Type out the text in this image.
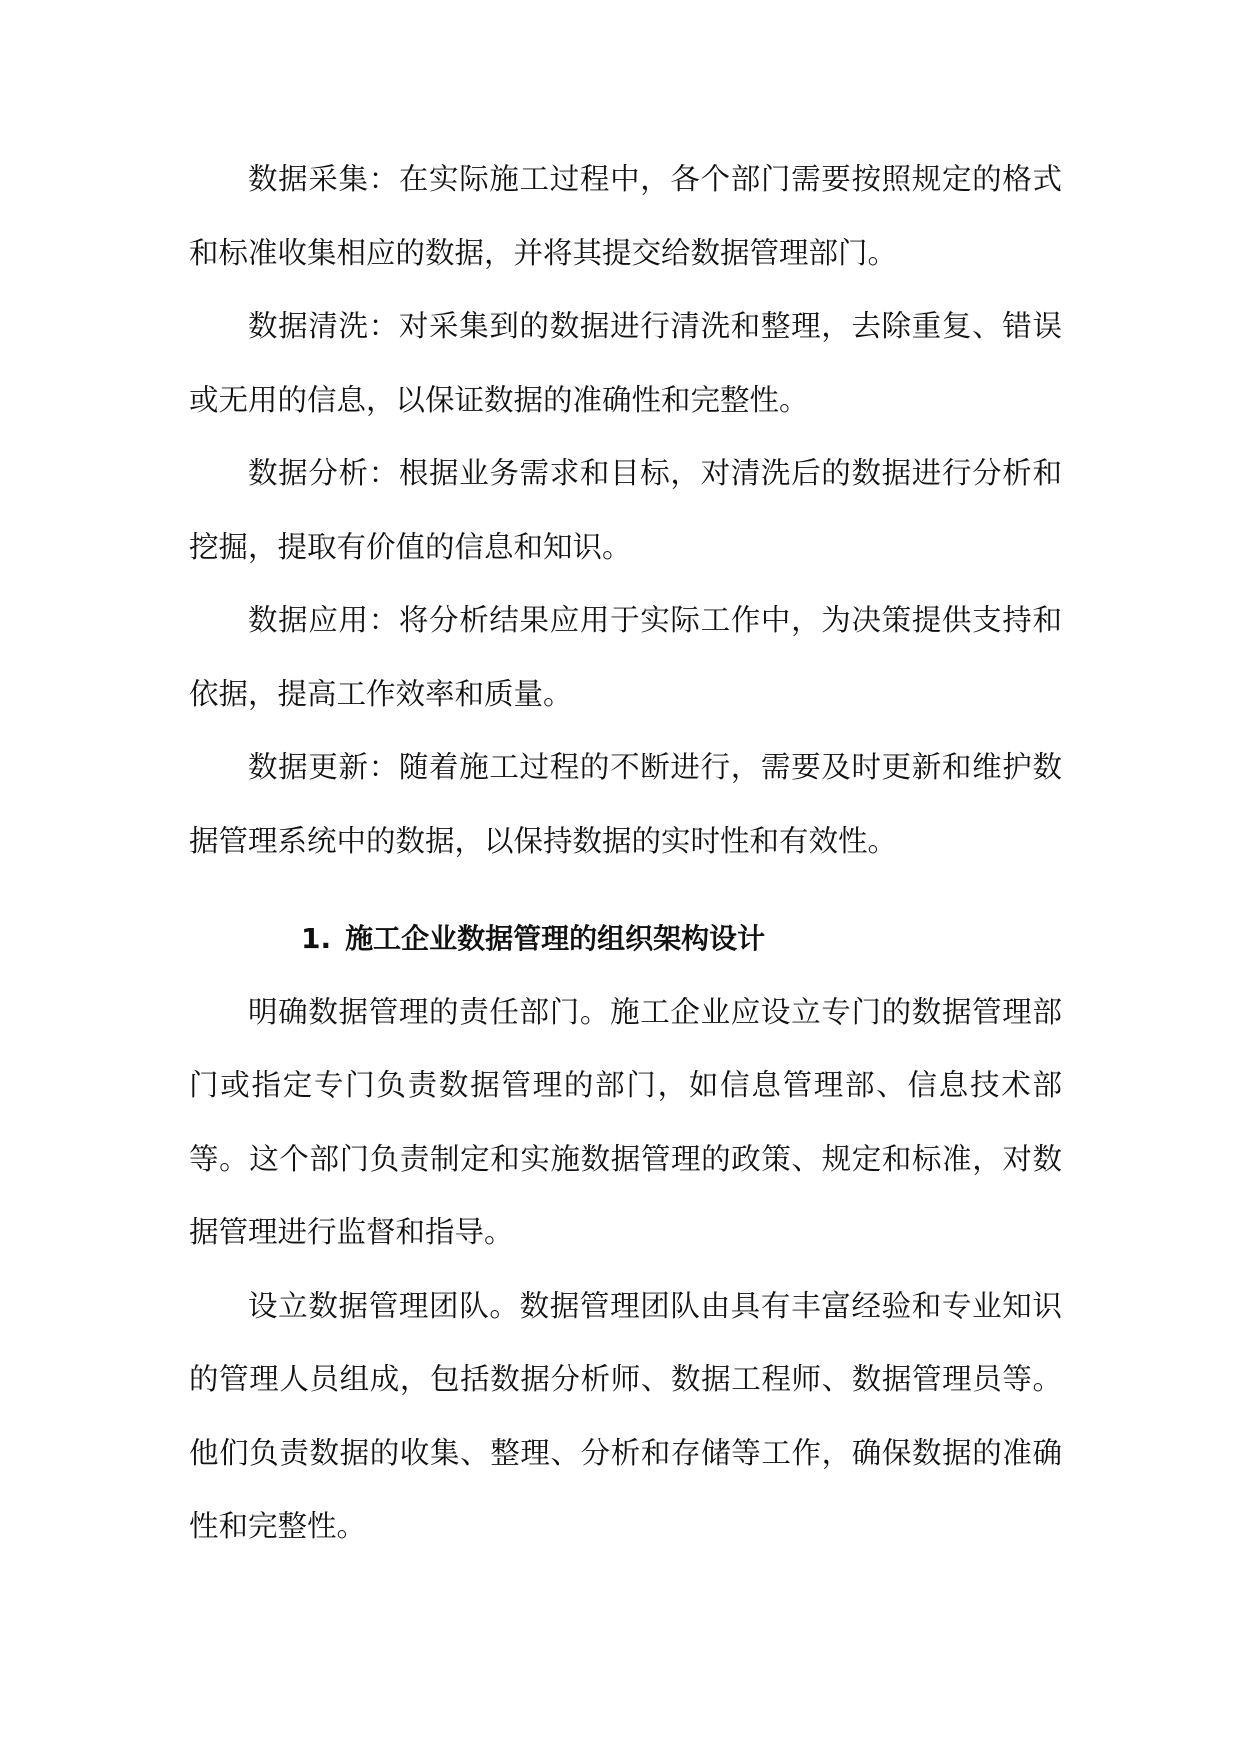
数据采集：在实际施工过程中，各个部门需要按照规定的格式和标准收集相应的数据，并将其提交给数据管理部门。

数据清洗：对采集到的数据进行清洗和整理，去除重复、错误或无用的信息，以保证数据的准确性和完整性。

数据分析：根据业务需求和目标，对清洗后的数据进行分析和挖掘，提取有价值的信息和知识。

数据应用：将分析结果应用于实际工作中，为决策提供支持和依据，提高工作效率和质量。

数据更新：随着施工过程的不断进行，需要及时更新和维护数据管理系统中的数据，以保持数据的实时性和有效性。

1. 施工企业数据管理的组织架构设计

明确数据管理的责任部门。施工企业应设立专门的数据管理部门或指定专门负责数据管理的部门，如信息管理部、信息技术部等。这个部门负责制定和实施数据管理的政策、规定和标准，对数据管理进行监督和指导。

设立数据管理团队。数据管理团队由具有丰富经验和专业知识的管理人员组成，包括数据分析师、数据工程师、数据管理员等。他们负责数据的收集、整理、分析和存储等工作，确保数据的准确性和完整性。
